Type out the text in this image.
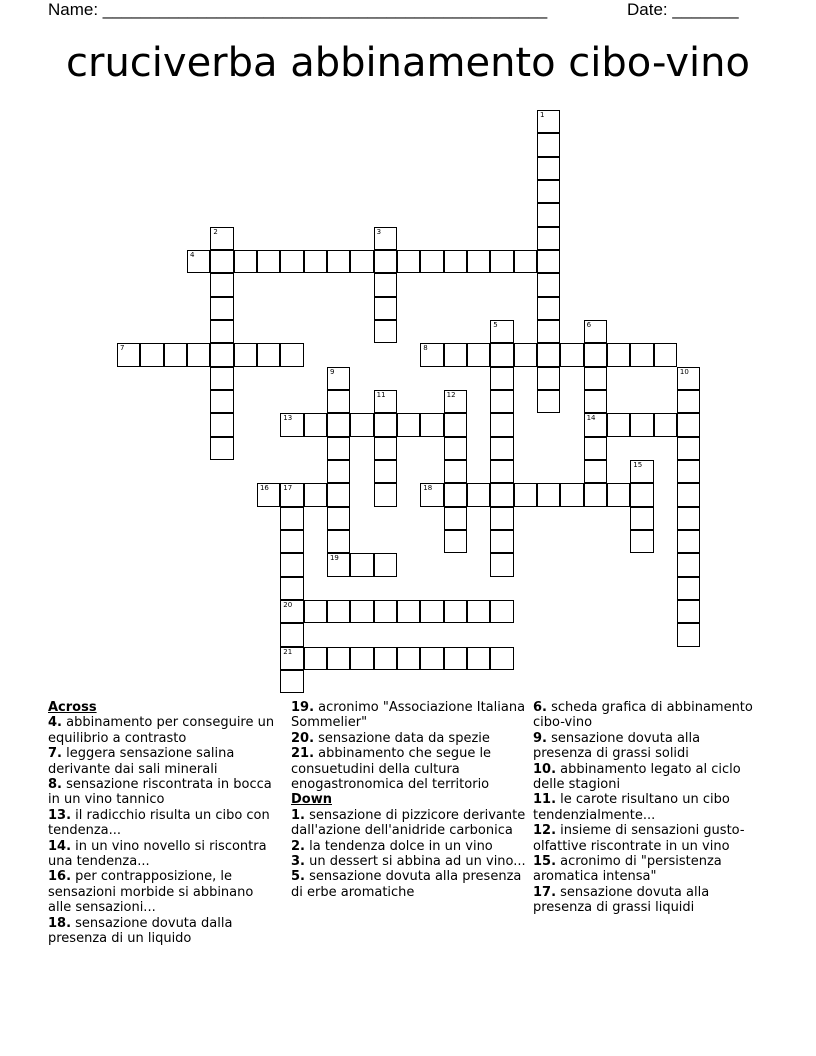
Name: _______________________________________________	Date: _______
cruciverba abbinamento cibo-vino
1
2	3
4
5	6
14
7	8
9	10
11	12
13
15
16 17
20
21
18
19
Across
4. abbinamento per conseguire un equilibrio a contrasto
7. leggera sensazione salina derivante dai sali minerali
8. sensazione riscontrata in bocca in un vino tannico
13. il radicchio risulta un cibo con tendenza...
14. in un vino novello si riscontra una tendenza...
16. per contrapposizione, le sensazioni morbide si abbinano alle sensazioni...
18. sensazione dovuta dalla presenza di un liquido
19. acronimo "Associazione Italiana Sommelier"
20. sensazione data da spezie
21. abbinamento che segue le consuetudini della cultura enogastronomica del territorio
Down
1. sensazione di pizzicore derivante dall'azione dell'anidride carbonica
2. la tendenza dolce in un vino
3. un dessert si abbina ad un vino...
5. sensazione dovuta alla presenza di erbe aromatiche
6. scheda grafica di abbinamento cibo-vino
9. sensazione dovuta alla presenza di grassi solidi
10. abbinamento legato al ciclo delle stagioni
11. le carote risultano un cibo tendenzialmente...
12. insieme di sensazioni gusto-olfattive riscontrate in un vino
15. acronimo di "persistenza aromatica intensa"
17. sensazione dovuta alla presenza di grassi liquidi
